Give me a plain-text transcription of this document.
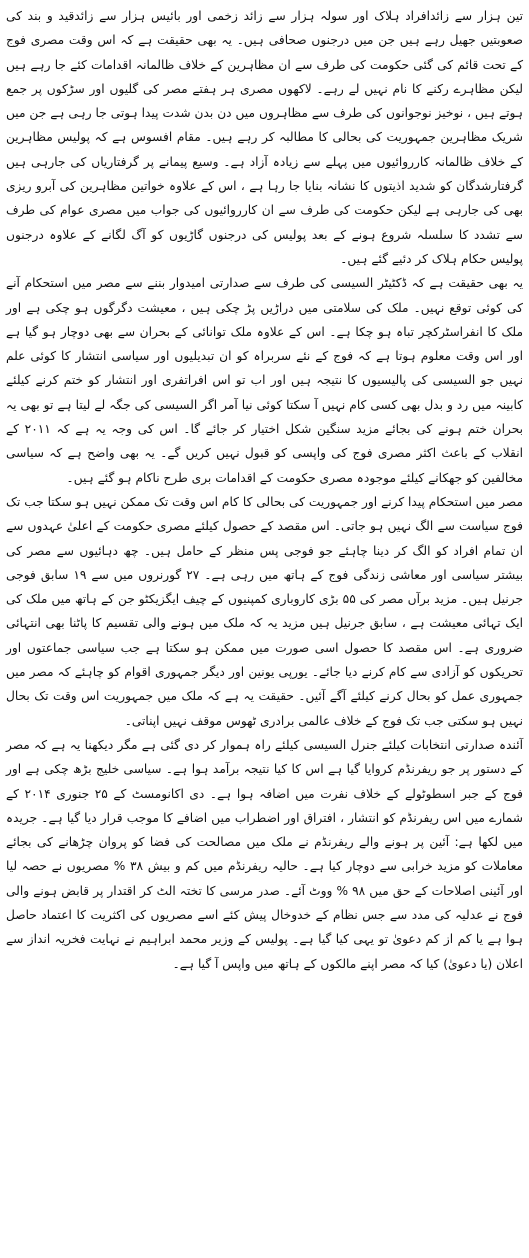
تین ہزار سے زائدافراد ہلاک اور سولہ ہزار سے زائد زخمی اور بائیس ہزار سے زائدقید و بند کی صعوبتیں جھیل رہے ہیں جن میں درجنوں صحافی ہیں۔ یہ بھی حقیقت ہے کہ اس وقت مصری فوج کے تحت قائم کی گئی حکومت کی طرف سے ان مظاہرین کے خلاف ظالمانہ اقدامات کئے جا رہے ہیں لیکن مظاہرے رکنے کا نام نہیں لے رہے۔ لاکھوں مصری ہر ہفتے مصر کی گلیوں اور سڑکوں پر جمع ہوتے ہیں ، نوخیز نوجوانوں کی طرف سے مظاہروں میں دن بدن شدت پیدا ہوتی جا رہی ہے جن میں شریک مظاہرین جمہوریت کی بحالی کا مطالبہ کر رہے ہیں۔ مقام افسوس ہے کہ پولیس مظاہرین کے خلاف ظالمانہ کارروائیوں میں پہلے سے زیادہ آزاد ہے۔ وسیع پیمانے پر گرفتاریاں کی جارہی ہیں گرفتارشدگان کو شدید اذیتوں کا نشانہ بنایا جا رہا ہے ، اس کے علاوہ خواتین مظاہرین کی آبرو ریزی بھی کی جارہی ہے لیکن حکومت کی طرف سے ان کارروائیوں کی جواب میں مصری عوام کی طرف سے تشدد کا سلسلہ شروع ہونے کے بعد پولیس کی درجنوں گاڑیوں کو آگ لگانے کے علاوہ درجنوں پولیس حکام ہلاک کر دئیے گئے ہیں۔

یہ بھی حقیقت ہے کہ ڈکٹیٹر السیسی کی طرف سے صدارتی امیدوار بننے سے مصر میں استحکام آنے کی کوئی توقع نہیں۔ ملک کی سلامتی میں دراڑیں پڑ چکی ہیں ، معیشت دگرگوں ہو چکی ہے اور ملک کا انفراسٹرکچر تباہ ہو چکا ہے۔ اس کے علاوہ ملک توانائی کے بحران سے بھی دوچار ہو گیا ہے اور اس وقت معلوم ہوتا ہے کہ فوج کے نئے سربراہ کو ان تبدیلیوں اور سیاسی انتشار کا کوئی علم نہیں جو السیسی کی پالیسیوں کا نتیجہ ہیں اور اب تو اس افراتفری اور انتشار کو ختم کرنے کیلئے کابینہ میں رد و بدل بھی کسی کام نہیں آ سکتا کوئی نیا آمر اگر السیسی کی جگہ لے لیتا ہے تو بھی یہ بحران ختم ہونے کی بجائے مزید سنگین شکل اختیار کر جائے گا۔ اس کی وجہ یہ ہے کہ ۲۰۱۱ کے انقلاب کے باعث اکثر مصری فوج کی واپسی کو قبول نہیں کریں گے۔ یہ بھی واضح ہے کہ سیاسی مخالفین کو جھکانے کیلئے موجودہ مصری حکومت کے اقدامات بری طرح ناکام ہو گئے ہیں۔

مصر میں استحکام پیدا کرنے اور جمہوریت کی بحالی کا کام اس وقت تک ممکن نہیں ہو سکتا جب تک فوج سیاست سے الگ نہیں ہو جاتی۔ اس مقصد کے حصول کیلئے مصری حکومت کے اعلیٰ عہدوں سے ان تمام افراد کو الگ کر دینا چاہئے جو فوجی پس منظر کے حامل ہیں۔ چھ دہائیوں سے مصر کی بیشتر سیاسی اور معاشی زندگی فوج کے ہاتھ میں رہی ہے۔ ۲۷ گورنروں میں سے ۱۹ سابق فوجی جرنیل ہیں۔ مزید برآں مصر کی ۵۵ بڑی کاروباری کمپنیوں کے چیف ایگزیکٹو جن کے ہاتھ میں ملک کی ایک تہائی معیشت ہے ، سابق جرنیل ہیں مزید یہ کہ ملک میں ہونے والی تقسیم کا پاٹنا بھی انتہائی ضروری ہے۔ اس مقصد کا حصول اسی صورت میں ممکن ہو سکتا ہے جب سیاسی جماعتوں اور تحریکوں کو آزادی سے کام کرنے دیا جائے۔ یورپی یونین اور دیگر جمہوری اقوام کو چاہئے کہ مصر میں جمہوری عمل کو بحال کرنے کیلئے آگے آئیں۔ حقیقت یہ ہے کہ ملک میں جمہوریت اس وقت تک بحال نہیں ہو سکتی جب تک فوج کے خلاف عالمی برادری ٹھوس موقف نہیں اپناتی۔

آئندہ صدارتی انتخابات کیلئے جنرل السیسی کیلئے راہ ہموار کر دی گئی ہے مگر دیکھنا یہ ہے کہ مصر کے دستور پر جو ریفرنڈم کروایا گیا ہے اس کا کیا نتیجہ برآمد ہوا ہے۔ سیاسی خلیج بڑھ چکی ہے اور فوج کے جبر اسطوٹولے کے خلاف نفرت میں اضافہ ہوا ہے۔ دی اکانومسٹ کے ۲۵ جنوری ۲۰۱۴ کے شمارے میں اس ریفرنڈم کو انتشار ، افتراق اور اضطراب میں اضافے کا موجب قرار دیا گیا ہے۔ جریدہ میں لکھا ہے: آئین پر ہونے والے ریفرنڈم نے ملک میں مصالحت کی فضا کو پروان چڑھانے کی بجائے معاملات کو مزید خرابی سے دوچار کیا ہے۔ حالیہ ریفرنڈم میں کم و بیش ۳۸ % مصریوں نے حصہ لیا اور آئینی اصلاحات کے حق میں ۹۸ % ووٹ آئے۔ صدر مرسی کا تختہ الٹ کر اقتدار پر قابض ہونے والی فوج نے عدلیہ کی مدد سے جس نظام کے خدوخال پیش کئے اسے مصریوں کی اکثریت کا اعتماد حاصل ہوا ہے یا کم از کم دعویٰ تو یہی کیا گیا ہے۔ پولیس کے وزیر محمد ابراہیم نے نہایت فخریہ انداز سے اعلان (یا دعویٰ) کیا کہ مصر اپنے مالکوں کے ہاتھ میں واپس آ گیا ہے۔
